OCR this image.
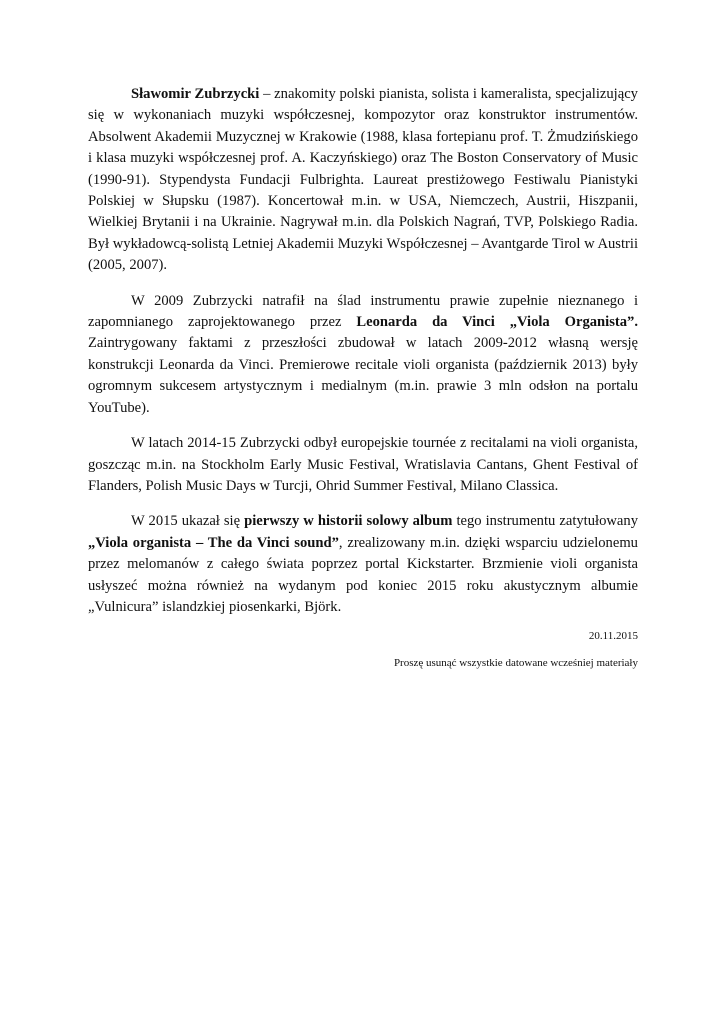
Sławomir Zubrzycki – znakomity polski pianista, solista i kameralista, specjalizujący się w wykonaniach muzyki współczesnej, kompozytor oraz konstruktor instrumentów. Absolwent Akademii Muzycznej w Krakowie (1988, klasa fortepianu prof. T. Żmudzińskiego i klasa muzyki współczesnej prof. A. Kaczyńskiego) oraz The Boston Conservatory of Music (1990-91). Stypendysta Fundacji Fulbrighta. Laureat prestiżowego Festiwalu Pianistyki Polskiej w Słupsku (1987). Koncertował m.in. w USA, Niemczech, Austrii, Hiszpanii, Wielkiej Brytanii i na Ukrainie. Nagrywał m.in. dla Polskich Nagrań, TVP, Polskiego Radia. Był wykładowcą-solistą Letniej Akademii Muzyki Współczesnej – Avantgarde Tirol w Austrii (2005, 2007).

W 2009 Zubrzycki natrafił na ślad instrumentu prawie zupełnie nieznanego i zapomnianego zaprojektowanego przez Leonarda da Vinci „Viola Organista”. Zaintrygowany faktami z przeszłości zbudował w latach 2009-2012 własną wersję konstrukcji Leonarda da Vinci. Premierowe recitale violi organista (październik 2013) były ogromnym sukcesem artystycznym i medialnym (m.in. prawie 3 mln odsłon na portalu YouTube).

W latach 2014-15 Zubrzycki odbył europejskie tournée z recitalami na violi organista, goszcząc m.in. na Stockholm Early Music Festival, Wratislavia Cantans, Ghent Festival of Flanders, Polish Music Days w Turcji, Ohrid Summer Festival, Milano Classica.

W 2015 ukazał się pierwszy w historii solowy album tego instrumentu zatytułowany „Viola organista – The da Vinci sound”, zrealizowany m.in. dzięki wsparciu udzielonemu przez melomanów z całego świata poprzez portal Kickstarter. Brzmienie violi organista usłyszeć można również na wydanym pod koniec 2015 roku akustycznym albumie „Vulnicura” islandzkiej piosenkarki, Björk.

20.11.2015
Proszę usunąć wszystkie datowane wcześniej materiały
